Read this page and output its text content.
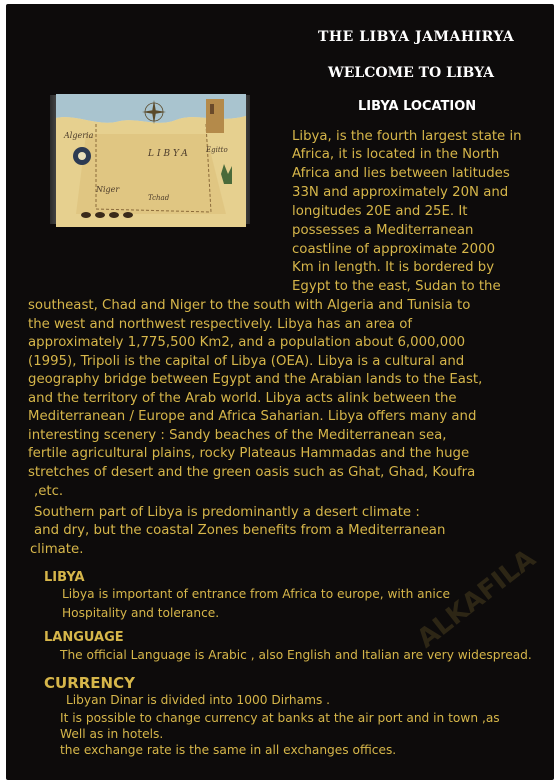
THE LIBYA JAMAHIRYA
WELCOME TO LIBYA
LIBYA LOCATION
Algeria
LIBYA
Niger
Tchad
Egitto
Libya, is the fourth largest state in
Africa, it is located in the North
Africa and lies between latitudes
33N and approximately 20N and
longitudes 20E and 25E. It
possesses a Mediterranean
coastline of approximate 2000
Km in length. It is bordered by
Egypt to the east, Sudan to the
southeast, Chad and Niger to the south with Algeria and Tunisia to
the west and northwest respectively. Libya has an area of
approximately 1,775,500 Km2, and a population about 6,000,000
(1995), Tripoli is the capital of Libya (OEA). Libya is a cultural and
geography bridge between Egypt and the Arabian lands to the East,
and the territory of the Arab world. Libya acts alink between the
Mediterranean / Europe and Africa Saharian. Libya offers many and
interesting scenery : Sandy beaches of the Mediterranean sea,
fertile agricultural plains, rocky Plateaus Hammadas and the huge
stretches of desert and the green oasis such as Ghat, Ghad, Koufra
,etc.
Southern part of Libya is predominantly a desert climate :
and dry, but the coastal Zones benefits from a Mediterranean
climate.
LIBYA
Libya is important of entrance from Africa to europe, with anice
Hospitality and tolerance.
LANGUAGE
The official Language is Arabic , also English and Italian are very widespread.
CURRENCY
Libyan Dinar is divided into 1000 Dirhams .
It is possible to change currency at banks at the air port and in town ,as
Well as in hotels.
the exchange rate is the same in all exchanges offices.
ALKAFILA
